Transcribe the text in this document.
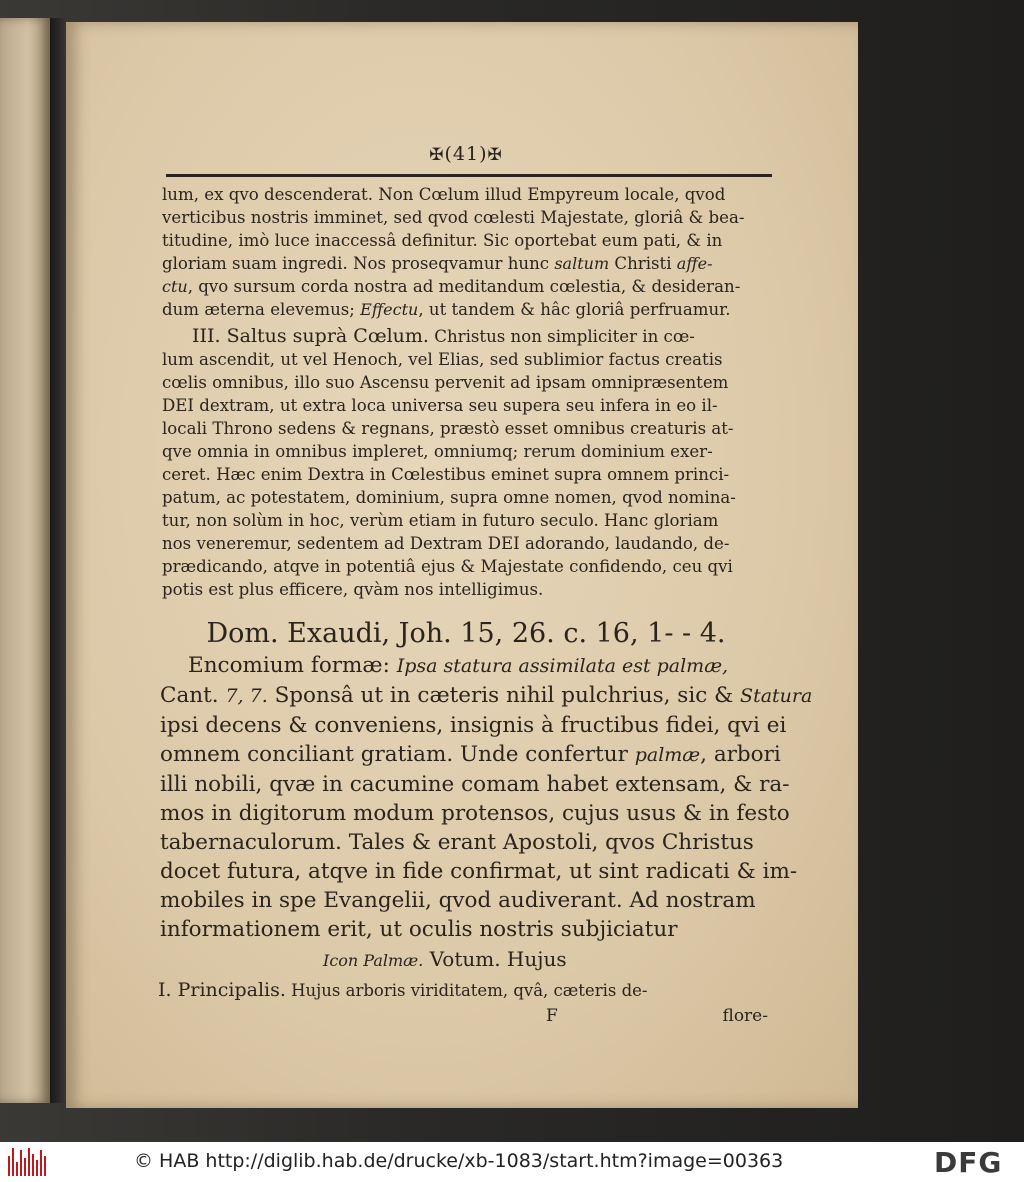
✠(41)✠
lum, ex qvo descenderat. Non Cœlum illud Empyreum locale, qvod
verticibus nostris imminet, sed qvod cœlesti Majestate, gloriâ & bea-
titudine, imò luce inaccessâ definitur. Sic oportebat eum pati, & in
gloriam suam ingredi. Nos prosеqvamur hunc saltum Christi affe-
ctu, qvo sursum corda nostra ad meditandum cœlestia, & desideran-
dum æterna elevemus; Effectu, ut tandem & hâc gloriâ perfruamur.
III. Saltus suprà Cœlum. Christus non simpliciter in cœ-
lum ascendit, ut vel Henoch, vel Elias, sed sublimior factus creatis
cœlis omnibus, illo suo Ascensu pervenit ad ipsam omnipræsentem
DEI dextram, ut extra loca universa seu supera seu infera in eo il-
locali Throno sedens & regnans, præstò esset omnibus creaturis at-
qve omnia in omnibus impleret, omniumq; rerum dominium exer-
ceret. Hæc enim Dextra in Cœlestibus eminet supra omnem princi-
patum, ac potestatem, dominium, supra omne nomen, qvod nomina-
tur, non solùm in hoc, verùm etiam in futuro seculo. Hanc gloriam
nos veneremur, sedentem ad Dextram DEI adorando, laudando, de-
prædicando, atqve in potentiâ ejus & Majestate confidendo, ceu qvi
potis est plus efficere, qvàm nos intelligimus.
Dom. Exaudi, Joh. 15, 26. c. 16, 1- - 4.
Encomium formæ: Ipsa statura assimilata est palmæ,
Cant. 7, 7. Sponsâ ut in cæteris nihil pulchrius, sic & Statura
ipsi decens & conveniens, insignis à fructibus fidei, qvi ei
omnem conciliant gratiam. Unde confertur palmæ, arbori
illi nobili, qvæ in cacumine comam habet extensam, & ra-
mos in digitorum modum protensos, cujus usus & in festo
tabernaculorum. Tales & erant Apostoli, qvos Christus
docet futura, atqve in fide confirmat, ut sint radicati & im-
mobiles in spe Evangelii, qvod audiverant. Ad nostram
informationem erit, ut oculis nostris subjiciatur
Icon Palmæ. Votum. Hujus
I. Principalis. Hujus arboris viriditatem, qvâ, cæteris de-
F	flore-
© HAB http://diglib.hab.de/drucke/xb-1083/start.htm?image=00363	DFG
